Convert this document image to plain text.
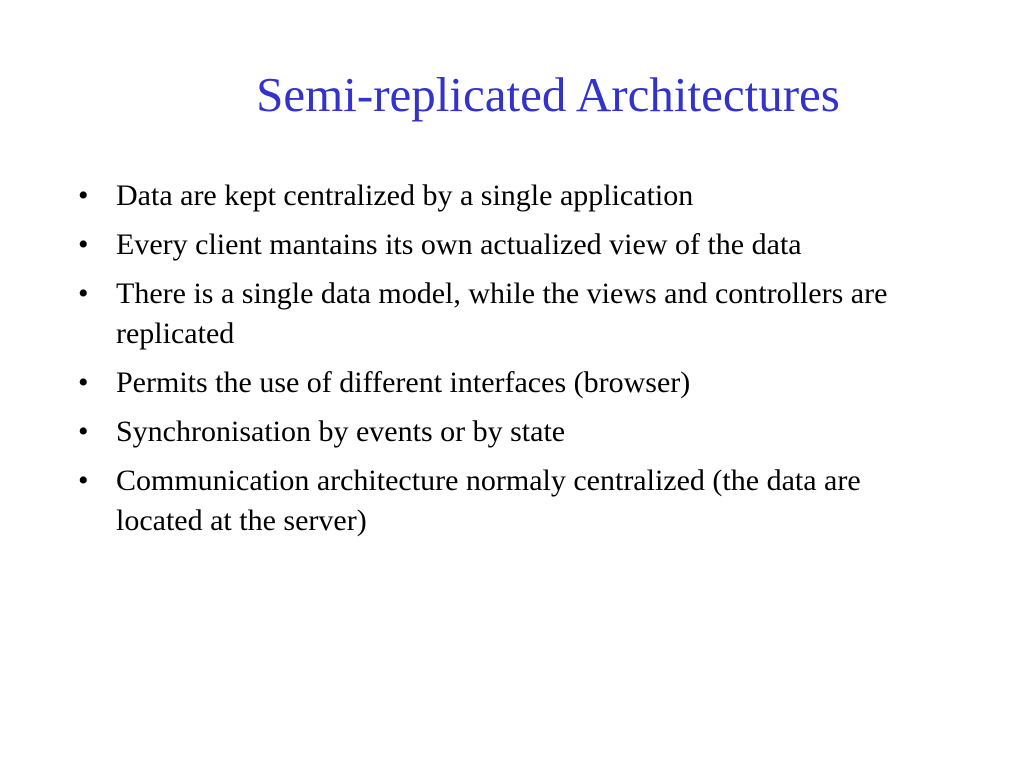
Semi-replicated Architectures
• Data are kept centralized by a single application
• Every client mantains its own actualized view of the data
• There is a single data model, while the views and controllers are replicated
• Permits the use of different interfaces (browser)
• Synchronisation by events or by state
• Communication architecture normaly centralized (the data are located at the server)
